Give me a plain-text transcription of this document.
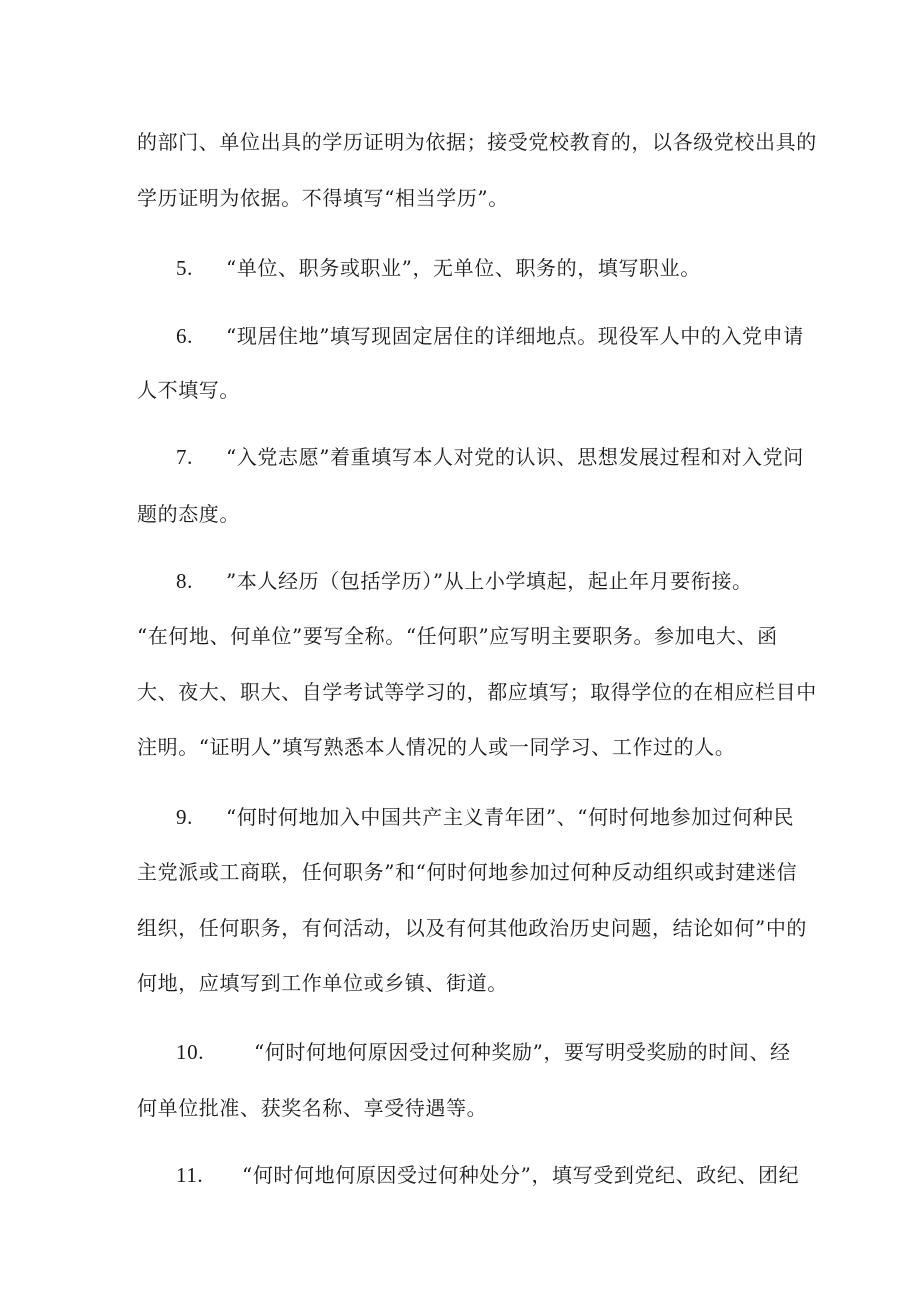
的部门、单位出具的学历证明为依据；接受党校教育的，以各级党校出具的
学历证明为依据。不得填写“相当学历”。
5. “单位、职务或职业”，无单位、职务的，填写职业。
6. “现居住地”填写现固定居住的详细地点。现役军人中的入党申请
人不填写。
7. “入党志愿”着重填写本人对党的认识、思想发展过程和对入党问
题的态度。
8. ”本人经历（包括学历）”从上小学填起，起止年月要衔接。
“在何地、何单位”要写全称。“任何职”应写明主要职务。参加电大、函
大、夜大、职大、自学考试等学习的，都应填写；取得学位的在相应栏目中
注明。“证明人”填写熟悉本人情况的人或一同学习、工作过的人。
9. “何时何地加入中国共产主义青年团”、“何时何地参加过何种民
主党派或工商联，任何职务”和“何时何地参加过何种反动组织或封建迷信
组织，任何职务，有何活动，以及有何其他政治历史问题，结论如何”中的
何地，应填写到工作单位或乡镇、街道。
10. “何时何地何原因受过何种奖励”，要写明受奖励的时间、经
何单位批准、获奖名称、享受待遇等。
11. “何时何地何原因受过何种处分”，填写受到党纪、政纪、团纪
